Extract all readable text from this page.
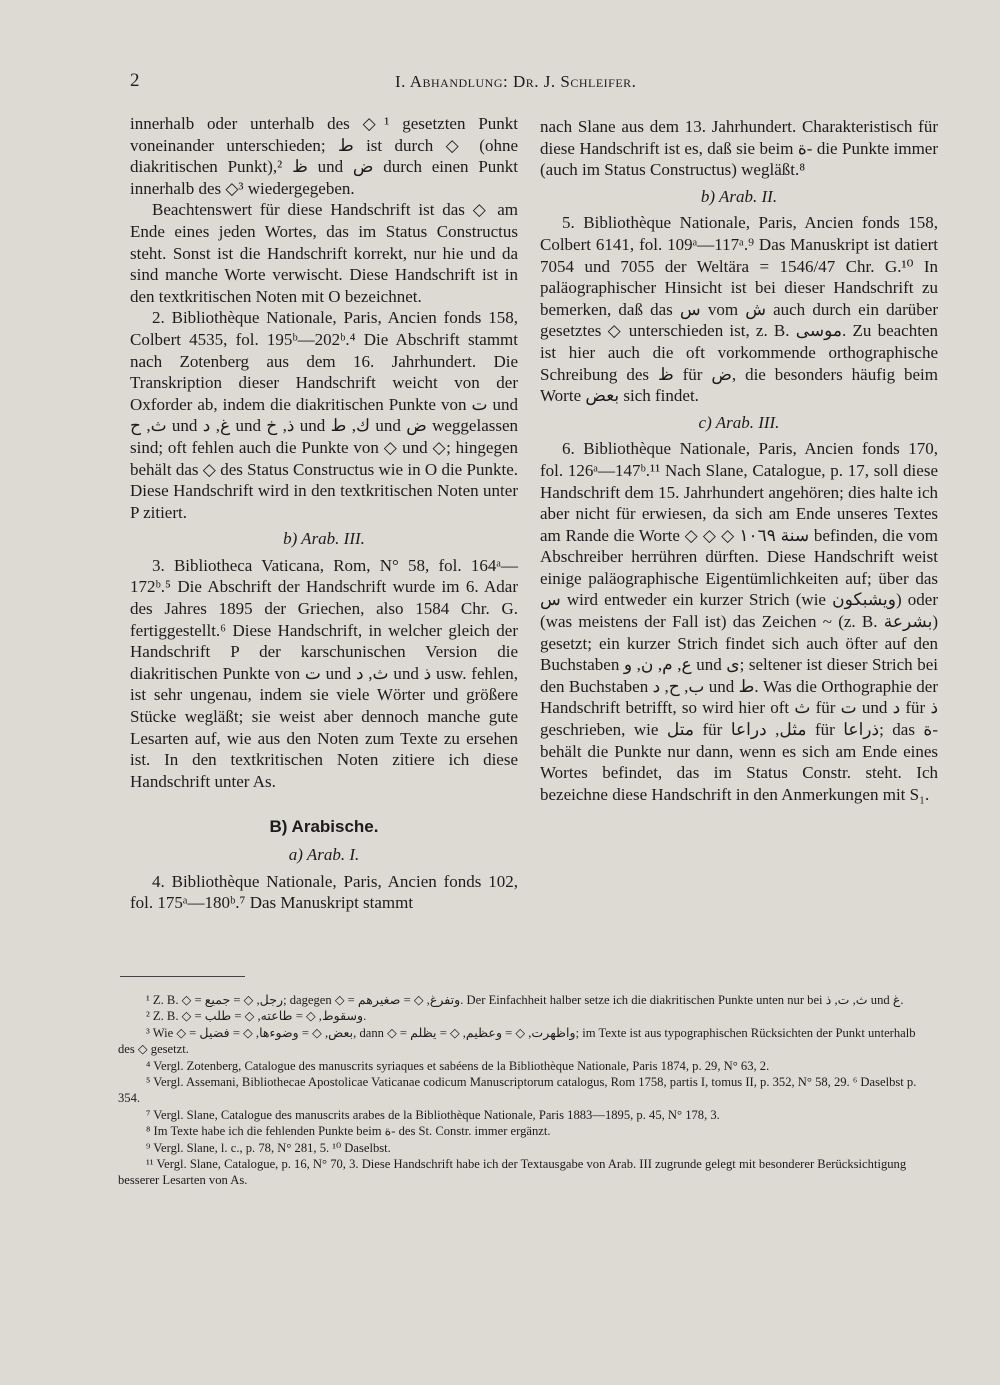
2	I. Abhandlung: Dr. J. Schleifer.

innerhalb oder unterhalb des ◇¹ gesetzten Punkt voneinander unterschieden; ط ist durch ◇ (ohne diakritischen Punkt),² ظ und ض durch einen Punkt innerhalb des ◇³ wiedergegeben.

Beachtenswert für diese Handschrift ist das ◇ am Ende eines jeden Wortes, das im Status Constructus steht. Sonst ist die Handschrift korrekt, nur hie und da sind manche Worte verwischt. Diese Handschrift ist in den textkritischen Noten mit O bezeichnet.

2. Bibliothèque Nationale, Paris, Ancien fonds 158, Colbert 4535, fol. 195ᵇ—202ᵇ.⁴ Die Abschrift stammt nach Zotenberg aus dem 16. Jahrhundert. Die Transkription dieser Handschrift weicht von der Oxforder ab, indem die diakritischen Punkte von ت und ث, ح und غ, د und ذ, خ und ك, ط und ض weggelassen sind; oft fehlen auch die Punkte von ◇ und ◇; hingegen behält das ◇ des Status Constructus wie in O die Punkte. Diese Handschrift wird in den textkritischen Noten unter P zitiert.

b) Arab. III.

3. Bibliotheca Vaticana, Rom, N° 58, fol. 164ᵃ—172ᵇ.⁵ Die Abschrift der Handschrift wurde im 6. Adar des Jahres 1895 der Griechen, also 1584 Chr. G. fertiggestellt.⁶ Diese Handschrift, in welcher gleich der Handschrift P der karschunischen Version die diakritischen Punkte von ت und ث, د und ذ usw. fehlen, ist sehr ungenau, indem sie viele Wörter und größere Stücke wegläßt; sie weist aber dennoch manche gute Lesarten auf, wie aus den Noten zum Texte zu ersehen ist. In den textkritischen Noten zitiere ich diese Handschrift unter As.

B) Arabische.

a) Arab. I.

4. Bibliothèque Nationale, Paris, Ancien fonds 102, fol. 175ᵃ—180ᵇ.⁷ Das Manuskript stammt

nach Slane aus dem 13. Jahrhundert. Charakteristisch für diese Handschrift ist es, daß sie beim ة- die Punkte immer (auch im Status Constructus) wegläßt.⁸

b) Arab. II.

5. Bibliothèque Nationale, Paris, Ancien fonds 158, Colbert 6141, fol. 109ᵃ—117ᵃ.⁹ Das Manuskript ist datiert 7054 und 7055 der Weltära = 1546/47 Chr. G.¹⁰ In paläographischer Hinsicht ist bei dieser Handschrift zu bemerken, daß das س vom ش auch durch ein darüber gesetztes ◇ unterschieden ist, z. B. موسى. Zu beachten ist hier auch die oft vorkommende orthographische Schreibung des ظ für ض, die besonders häufig beim Worte بعض sich findet.

c) Arab. III.

6. Bibliothèque Nationale, Paris, Ancien fonds 170, fol. 126ᵃ—147ᵇ.¹¹ Nach Slane, Catalogue, p. 17, soll diese Handschrift dem 15. Jahrhundert angehören; dies halte ich aber nicht für erwiesen, da sich am Ende unseres Textes am Rande die Worte ◇ ◇ ◇ سنة ١٠٦٩ befinden, die vom Abschreiber herrühren dürften. Diese Handschrift weist einige paläographische Eigentümlichkeiten auf; über das س wird entweder ein kurzer Strich (wie ويشبكون) oder (was meistens der Fall ist) das Zeichen ~ (z. B. بشرعة) gesetzt; ein kurzer Strich findet sich auch öfter auf den Buchstaben ع, م, ن, و und ى; seltener ist dieser Strich bei den Buchstaben ب, ح, د und ط. Was die Orthographie der Handschrift betrifft, so wird hier oft ث für ت und د für ذ geschrieben, wie متل für مثل, دراعا für ذراعا; das ة- behält die Punkte nur dann, wenn es sich am Ende eines Wortes befindet, das im Status Constr. steht. Ich bezeichne diese Handschrift in den Anmerkungen mit S₁.

¹ Z. B. ◇ = رجل, ◇ = جميع; dagegen ◇ = وتفرغ, ◇ = صغيرهم. Der Einfachheit halber setze ich die diakritischen Punkte unten nur bei ث, ت, ذ und غ.

² Z. B. ◇ = وسقوط, ◇ = طاعته, ◇ = طلب.

³ Wie ◇ = بعض, ◇ = وضوءها, ◇ = فضيل, dann ◇ = واظهرت, ◇ = وعظيم, ◇ = يظلم; im Texte ist aus typographischen Rücksichten der Punkt unterhalb des ◇ gesetzt.

⁴ Vergl. Zotenberg, Catalogue des manuscrits syriaques et sabéens de la Bibliothèque Nationale, Paris 1874, p. 29, N° 63, 2.

⁵ Vergl. Assemani, Bibliothecae Apostolicae Vaticanae codicum Manuscriptorum catalogus, Rom 1758, partis I, tomus II, p. 352, N° 58, 29. ⁶ Daselbst p. 354.

⁷ Vergl. Slane, Catalogue des manuscrits arabes de la Bibliothèque Nationale, Paris 1883—1895, p. 45, N° 178, 3.

⁸ Im Texte habe ich die fehlenden Punkte beim ة- des St. Constr. immer ergänzt.

⁹ Vergl. Slane, l. c., p. 78, N° 281, 5. ¹⁰ Daselbst.

¹¹ Vergl. Slane, Catalogue, p. 16, N° 70, 3. Diese Handschrift habe ich der Textausgabe von Arab. III zugrunde gelegt mit besonderer Berücksichtigung besserer Lesarten von As.
